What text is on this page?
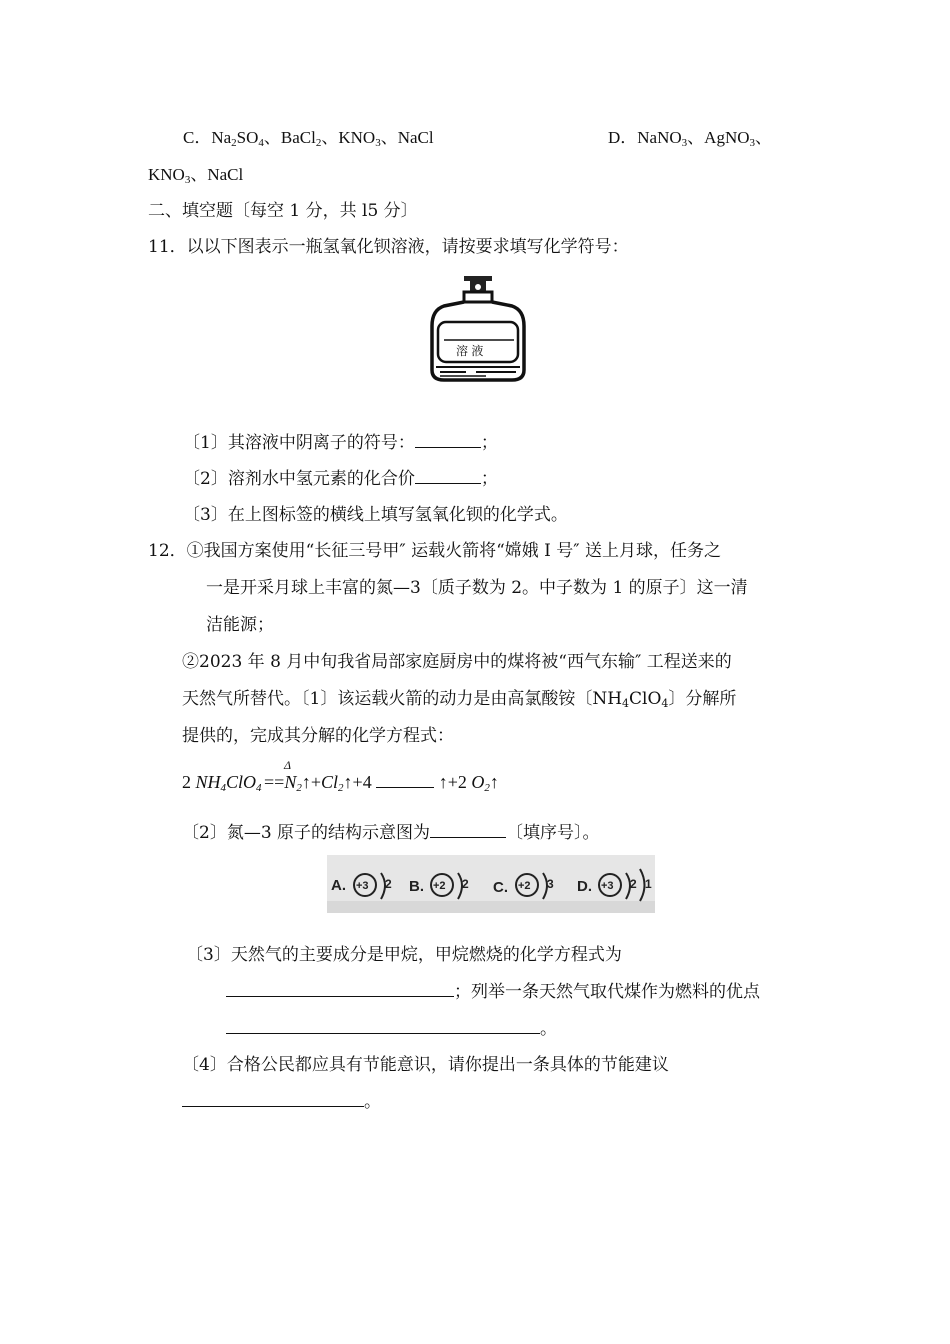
C．$Na_2SO_4$、BaCl$_2$、$KNO_3$、NaCl	D．NaNO$_3$、AgNO$_3$、
$KNO_3$、NaCl
二、填空题〔每空 1 分，共 l5 分〕
11．以以下图表示一瓶氢氧化钡溶液，请按要求填写化学符号：
溶 液
〔1〕其溶液中阴离子的符号：	；
〔2〕溶剂水中氢元素的化合价	；
〔3〕在上图标签的横线上填写氢氧化钡的化学式。
12．①我国方案使用“长征三号甲″ 运载火箭将“嫦娥 I 号″ 送上月球，任务之
一是开采月球上丰富的氮—3〔质子数为 2。中子数为 1 的原子〕这一清
洁能源；
②2023 年 8 月中旬我省局部家庭厨房中的煤将被“西气东输″ 工程送来的
天然气所替代。〔1〕该运载火箭的动力是由高氯酸铵〔$NH_4ClO_4$〕分解所
提供的，完成其分解的化学方程式：
Δ
2 $NH_4ClO_4$ $==N_2↑+Cl_2↑+4$	↑+2 $O_2↑$
〔2〕氮—3 原子的结构示意图为	〔填序号〕。
A. +3 2 B. +2 2 C. +2 3 D. +3 2 1
〔3〕天然气的主要成分是甲烷，甲烷燃烧的化学方程式为
；列举一条天然气取代煤作为燃料的优点
。
〔4〕合格公民都应具有节能意识，请你提出一条具体的节能建议
。
